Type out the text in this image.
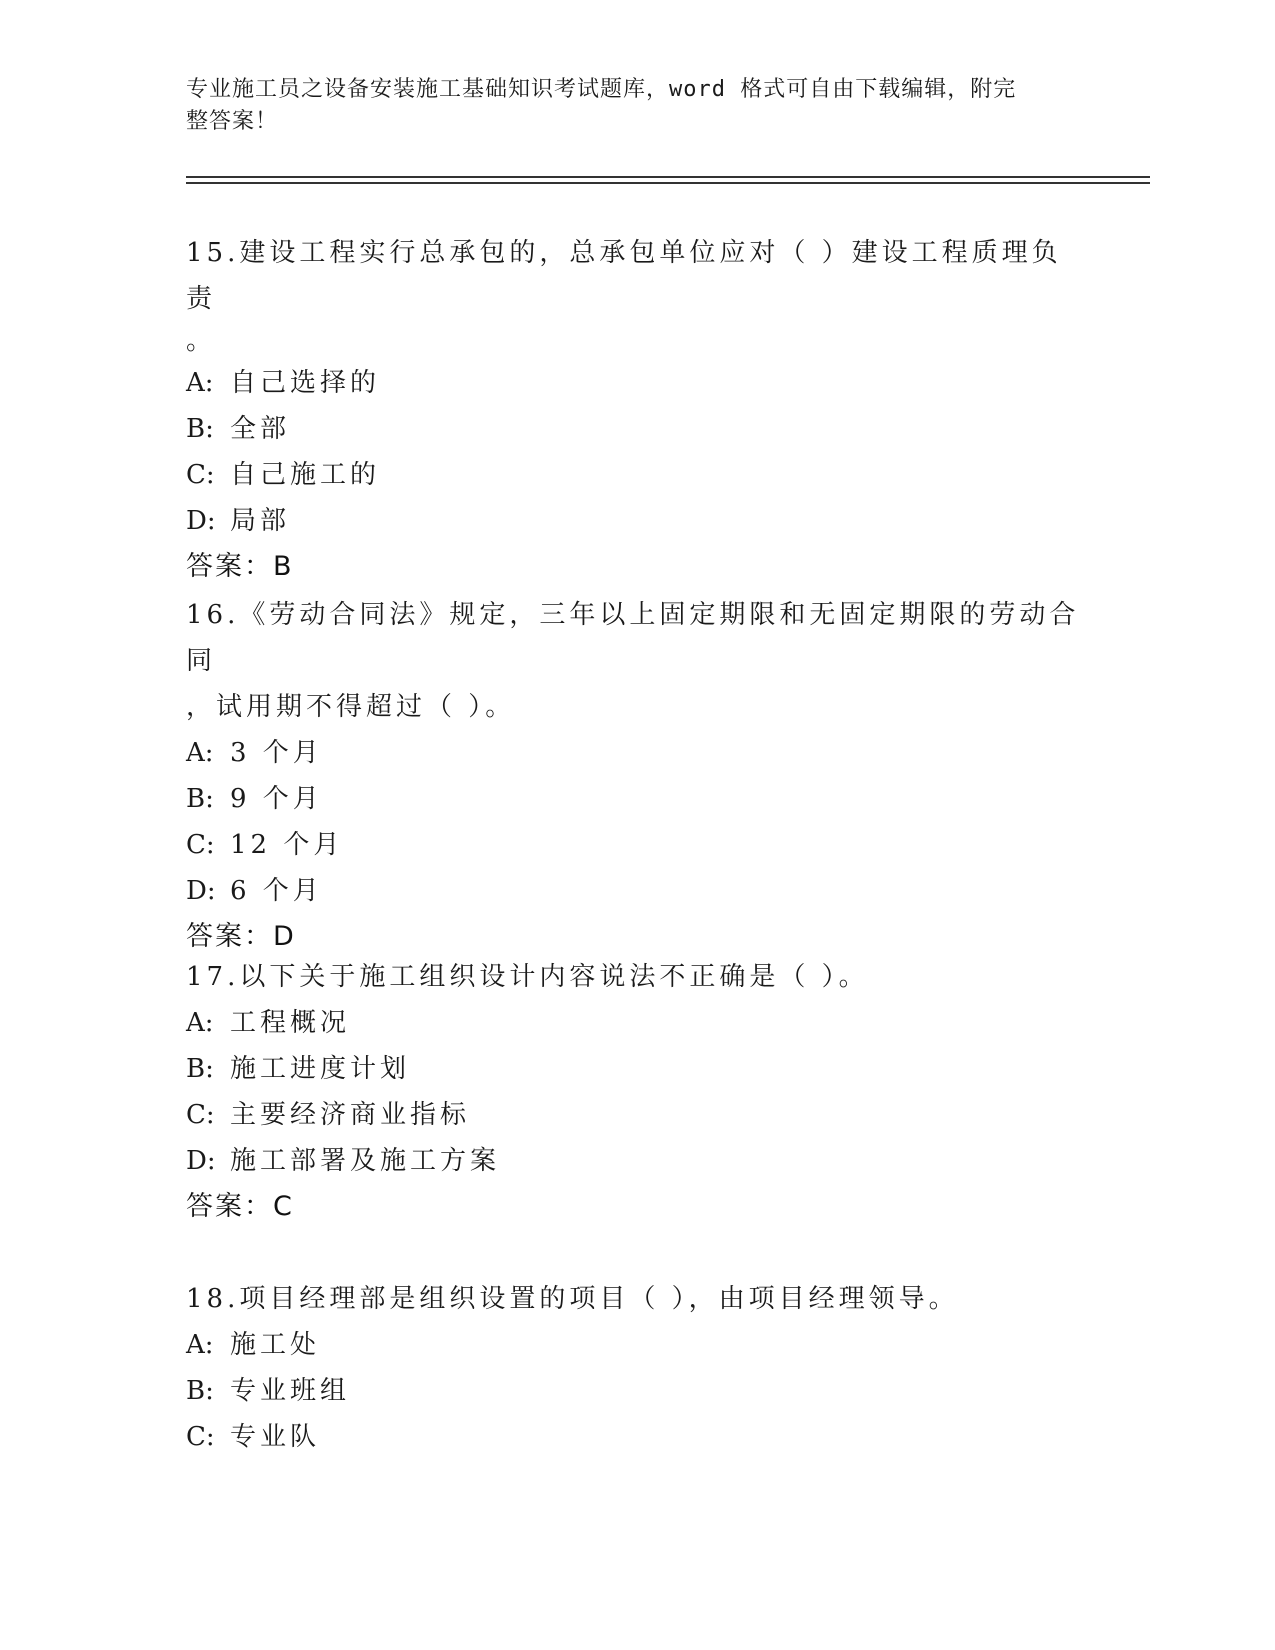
专业施工员之设备安装施工基础知识考试题库，word 格式可自由下载编辑，附完
整答案！
15.建设工程实行总承包的，总承包单位应对（ ）建设工程质理负责
。
A: 自己选择的
B: 全部
C: 自己施工的
D: 局部
答案：B
16.《劳动合同法》规定，三年以上固定期限和无固定期限的劳动合同
，试用期不得超过（ ）。
A: 3 个月
B: 9 个月
C: 12 个月
D: 6 个月
答案：D
17.以下关于施工组织设计内容说法不正确是（ ）。
A: 工程概况
B: 施工进度计划
C: 主要经济商业指标
D: 施工部署及施工方案
答案：C
18.项目经理部是组织设置的项目（ ），由项目经理领导。
A: 施工处
B: 专业班组
C: 专业队
